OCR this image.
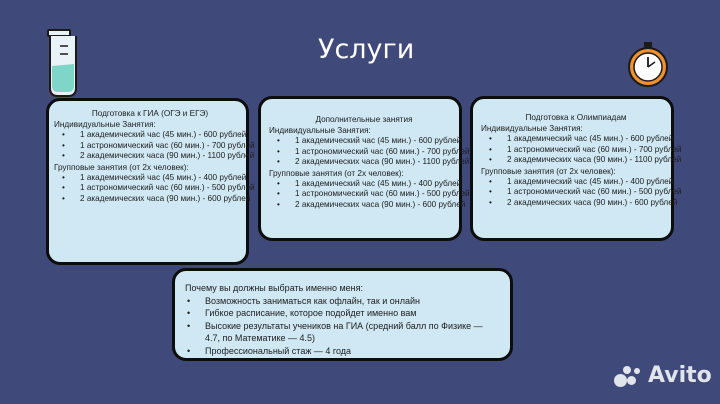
Услуги
Подготовка к ГИА (ОГЭ и ЕГЭ)
Индивидуальные Занятия:
• 1 академический час (45 мин.) - 600 рублей
• 1 астрономический час (60 мин.) - 700 рублей
• 2 академических часа (90 мин.) - 1100 рублей
Групповые занятия (от 2х человек):
• 1 академический час (45 мин.) - 400 рублей
• 1 астрономический час (60 мин.) - 500 рублей
• 2 академических часа (90 мин.) - 600 рублей
Дополнительные занятия
Индивидуальные Занятия:
• 1 академический час (45 мин.) - 600 рублей
• 1 астрономический час (60 мин.) - 700 рублей
• 2 академических часа (90 мин.) - 1100 рублей
Групповые занятия (от 2х человек):
• 1 академический час (45 мин.) - 400 рублей
• 1 астрономический час (60 мин.) - 500 рублей
• 2 академических часа (90 мин.) - 600 рублей
Подготовка к Олимпиадам
Индивидуальные Занятия:
• 1 академический час (45 мин.) - 600 рублей
• 1 астрономический час (60 мин.) - 700 рублей
• 2 академических часа (90 мин.) - 1100 рублей
Групповые занятия (от 2х человек):
• 1 академический час (45 мин.) - 400 рублей
• 1 астрономический час (60 мин.) - 500 рублей
• 2 академических часа (90 мин.) - 600 рублей
Почему вы должны выбрать именно меня:
• Возможность заниматься как офлайн, так и онлайн
• Гибкое расписание, которое подойдет именно вам
• Высокие результаты учеников на ГИА (средний балл по Физике — 4.7, по Математике — 4.5)
• Профессиональный стаж — 4 года
Avito
